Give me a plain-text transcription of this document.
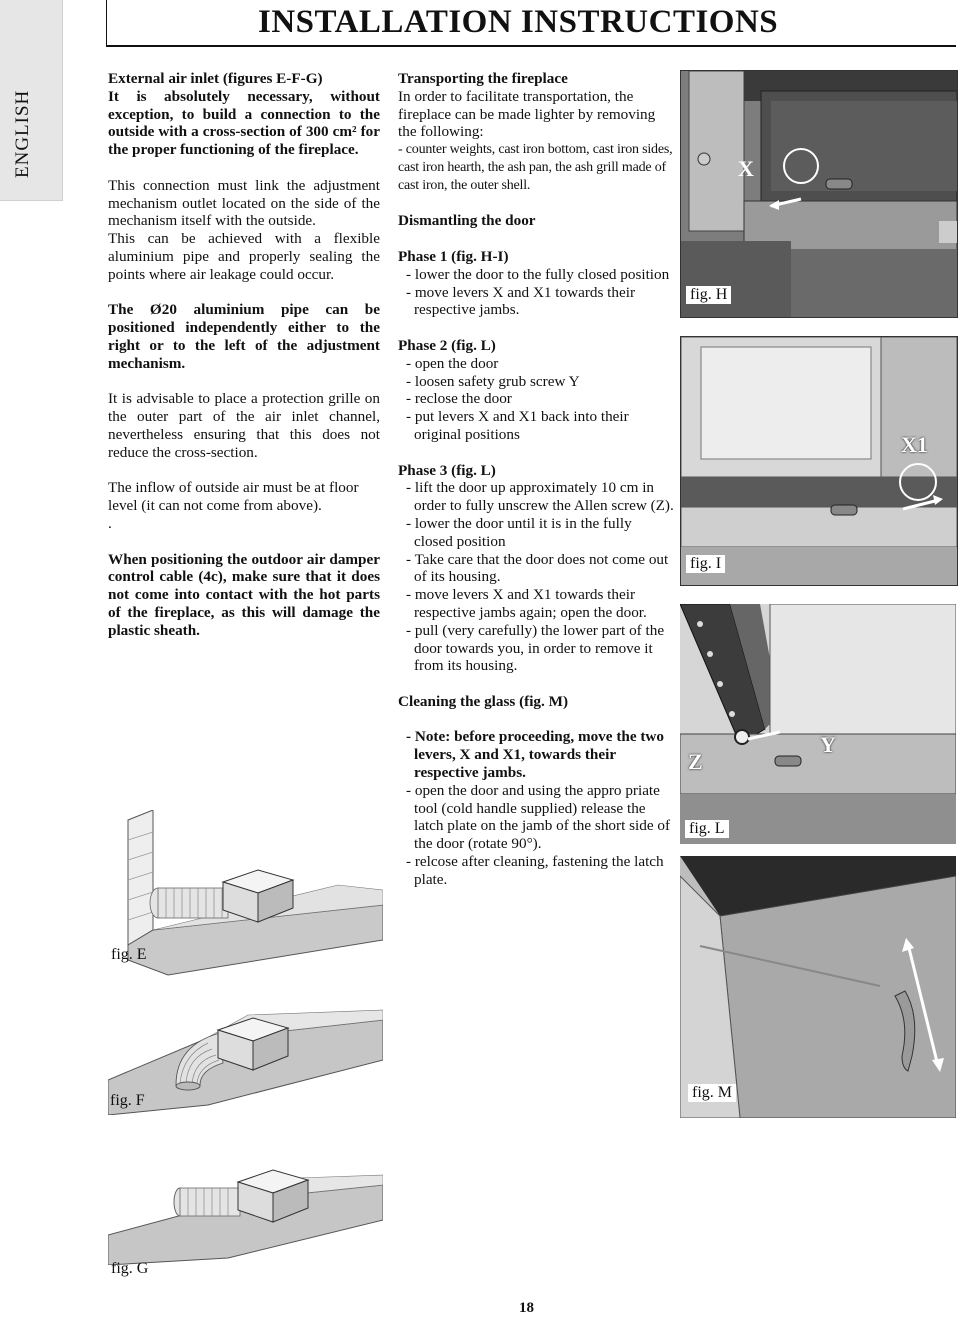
ENGLISH
INSTALLATION INSTRUCTIONS

External air inlet (figures E-F-G)

It is absolutely necessary, without exception, to build a connection to the outside with a cross-section of 300 cm² for the proper functioning of the fireplace.

This connection must link the adjustment mechanism outlet located on the side of the mechanism itself with the outside.

This can be achieved with a flexible aluminium pipe and properly sealing the points where air leakage could occur.

The Ø20 aluminium pipe can be positioned independently either to the right or to the left of the adjustment mechanism.

It is advisable to place a protection grille on the outer part of the air inlet channel, nevertheless ensuring that this does not reduce the cross-section.

The inflow of outside air must be at floor level (it can not come from above).

.

When positioning the outdoor air damper control cable (4c), make sure that it does not come into contact with the hot parts of the fireplace, as this will damage the plastic sheath.

Transporting the fireplace

In order to facilitate transportation, the fireplace can be made lighter by removing the following:

- counter weights, cast iron bottom, cast iron sides, cast iron hearth, the ash pan, the ash grill made of cast iron, the outer shell.

Dismantling the door

Phase 1 (fig. H-I)

- lower the door to the fully closed position

- move levers X and X1 towards their respective jambs.

Phase 2 (fig. L)

- open the door

- loosen safety grub screw Y

- reclose the door

- put levers X and X1 back into their original positions

Phase 3 (fig. L)

- lift the door up approximately 10 cm in order to fully unscrew the Allen screw (Z).

- lower the door until it is in the fully closed position

- Take care that the door does not come out of its housing.

- move levers X and X1 towards their respective jambs again; open the door.

- pull (very carefully) the lower part of the door towards you, in order to remove it from its housing.

Cleaning the glass (fig. M)

- Note: before proceeding, move the two levers, X and X1, towards their respective jambs.

- open the door and using the appro priate tool (cold handle supplied) release the latch plate on the jamb of the short side of the door (rotate 90°).

- relcose after cleaning, fastening the latch plate.

fig. E
fig. F
fig. G
X
fig. H
X1
fig. I
Z
Y
fig. L
fig. M
18
